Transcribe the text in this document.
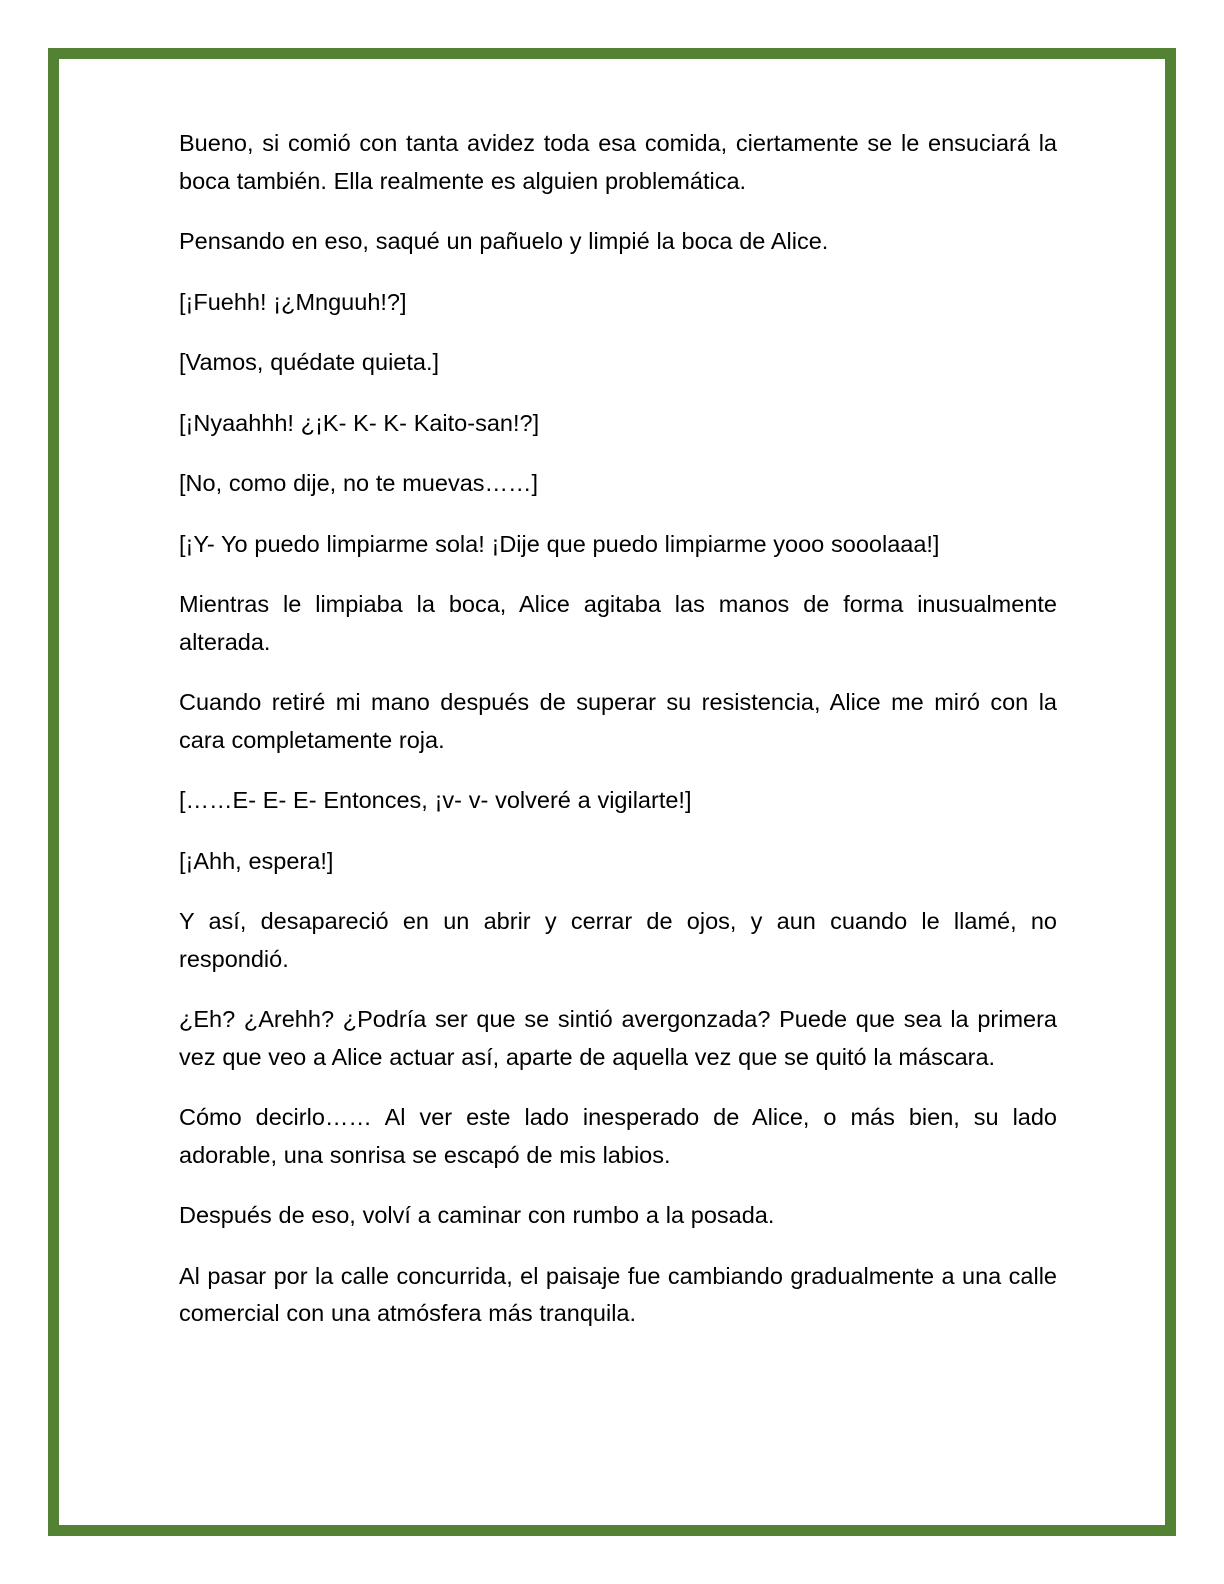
Bueno, si comió con tanta avidez toda esa comida, ciertamente se le ensuciará la boca también. Ella realmente es alguien problemática.

Pensando en eso, saqué un pañuelo y limpié la boca de Alice.

[¡Fuehh! ¡¿Mnguuh!?]

[Vamos, quédate quieta.]

[¡Nyaahhh! ¿¡K- K- K- Kaito-san!?]

[No, como dije, no te muevas……]

[¡Y- Yo puedo limpiarme sola! ¡Dije que puedo limpiarme yooo sooolaaa!]

Mientras le limpiaba la boca, Alice agitaba las manos de forma inusualmente alterada.

Cuando retiré mi mano después de superar su resistencia, Alice me miró con la cara completamente roja.

[……E- E- E- Entonces, ¡v- v- volveré a vigilarte!]

[¡Ahh, espera!]

Y así, desapareció en un abrir y cerrar de ojos, y aun cuando le llamé, no respondió.

¿Eh? ¿Arehh? ¿Podría ser que se sintió avergonzada? Puede que sea la primera vez que veo a Alice actuar así, aparte de aquella vez que se quitó la máscara.

Cómo decirlo…… Al ver este lado inesperado de Alice, o más bien, su lado adorable, una sonrisa se escapó de mis labios.

Después de eso, volví a caminar con rumbo a la posada.

Al pasar por la calle concurrida, el paisaje fue cambiando gradualmente a una calle comercial con una atmósfera más tranquila.
